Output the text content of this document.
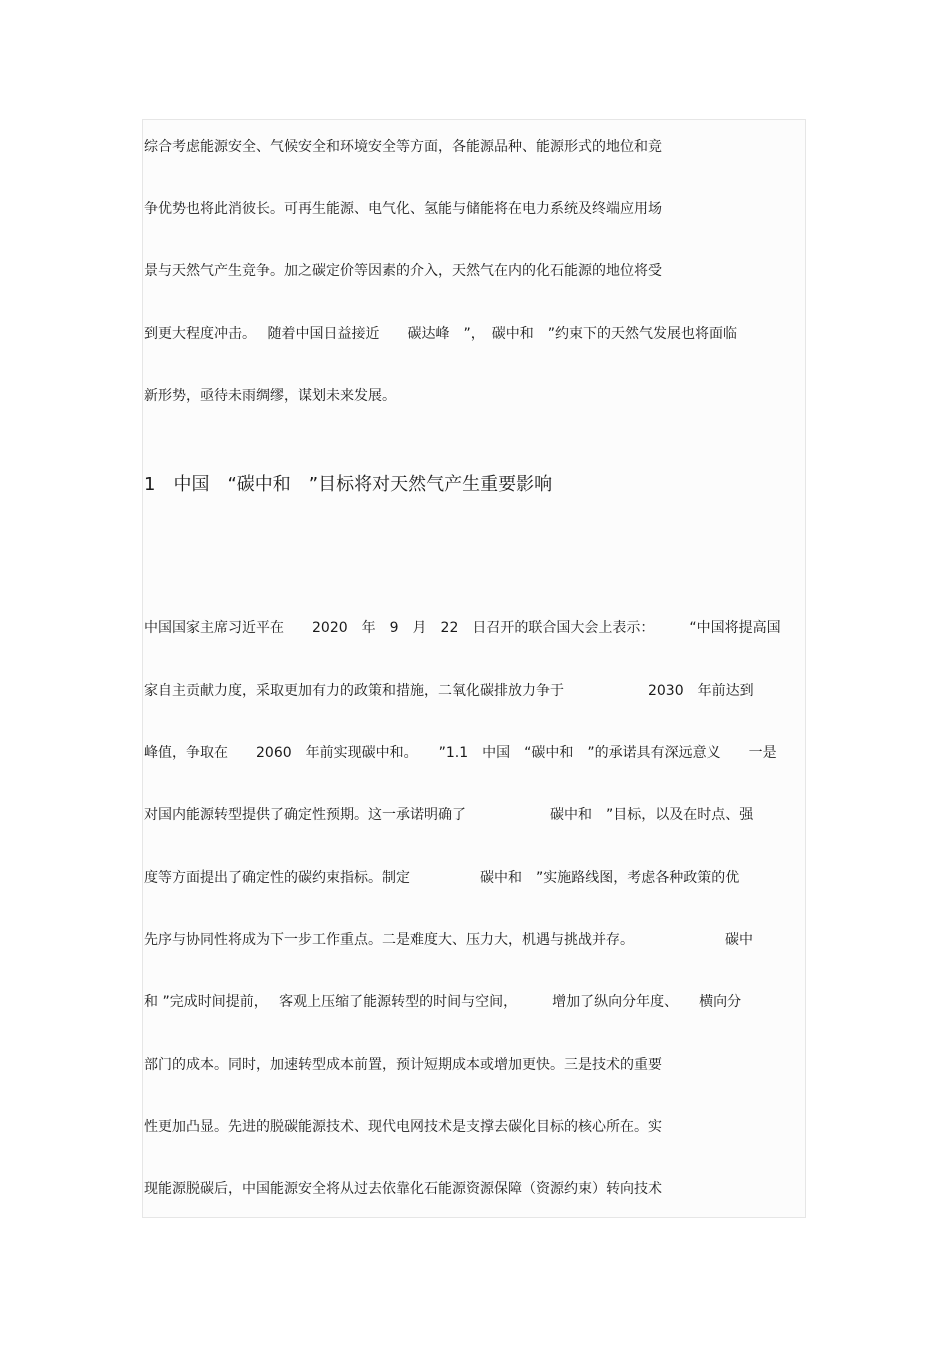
综合考虑能源安全、气候安全和环境安全等方面，各能源品种、能源形式的地位和竞
争优势也将此消彼长。可再生能源、电气化、氢能与储能将在电力系统及终端应用场
景与天然气产生竞争。加之碳定价等因素的介入，天然气在内的化石能源的地位将受
到更大程度冲击。　 随着中国日益接近　　碳达峰　”，　碳中和　”约束下的天然气发展也将面临
新形势，亟待未雨绸缪，谋划未来发展。
1　中国　“碳中和　”目标将对天然气产生重要影响
中国国家主席习近平在　　2020　年　9　月　22　日召开的联合国大会上表示：　　　“中国将提高国
家自主贡献力度，采取更加有力的政策和措施，二氧化碳排放力争于　　　　　　2030　年前达到
峰值，争取在　　2060　年前实现碳中和。　　”1.1　中国　“碳中和　”的承诺具有深远意义　　一是
对国内能源转型提供了确定性预期。这一承诺明确了　　　　　　碳中和　”目标，以及在时点、强
度等方面提出了确定性的碳约束指标。制定　　　　　碳中和　”实施路线图，考虑各种政策的优
先序与协同性将成为下一步工作重点。二是难度大、压力大，机遇与挑战并存。　　　　　　　碳中
和 ”完成时间提前，　 客观上压缩了能源转型的时间与空间，　　　增加了纵向分年度、　　横向分
部门的成本。同时，加速转型成本前置，预计短期成本或增加更快。三是技术的重要
性更加凸显。先进的脱碳能源技术、现代电网技术是支撑去碳化目标的核心所在。实
现能源脱碳后，中国能源安全将从过去依靠化石能源资源保障（资源约束）转向技术
